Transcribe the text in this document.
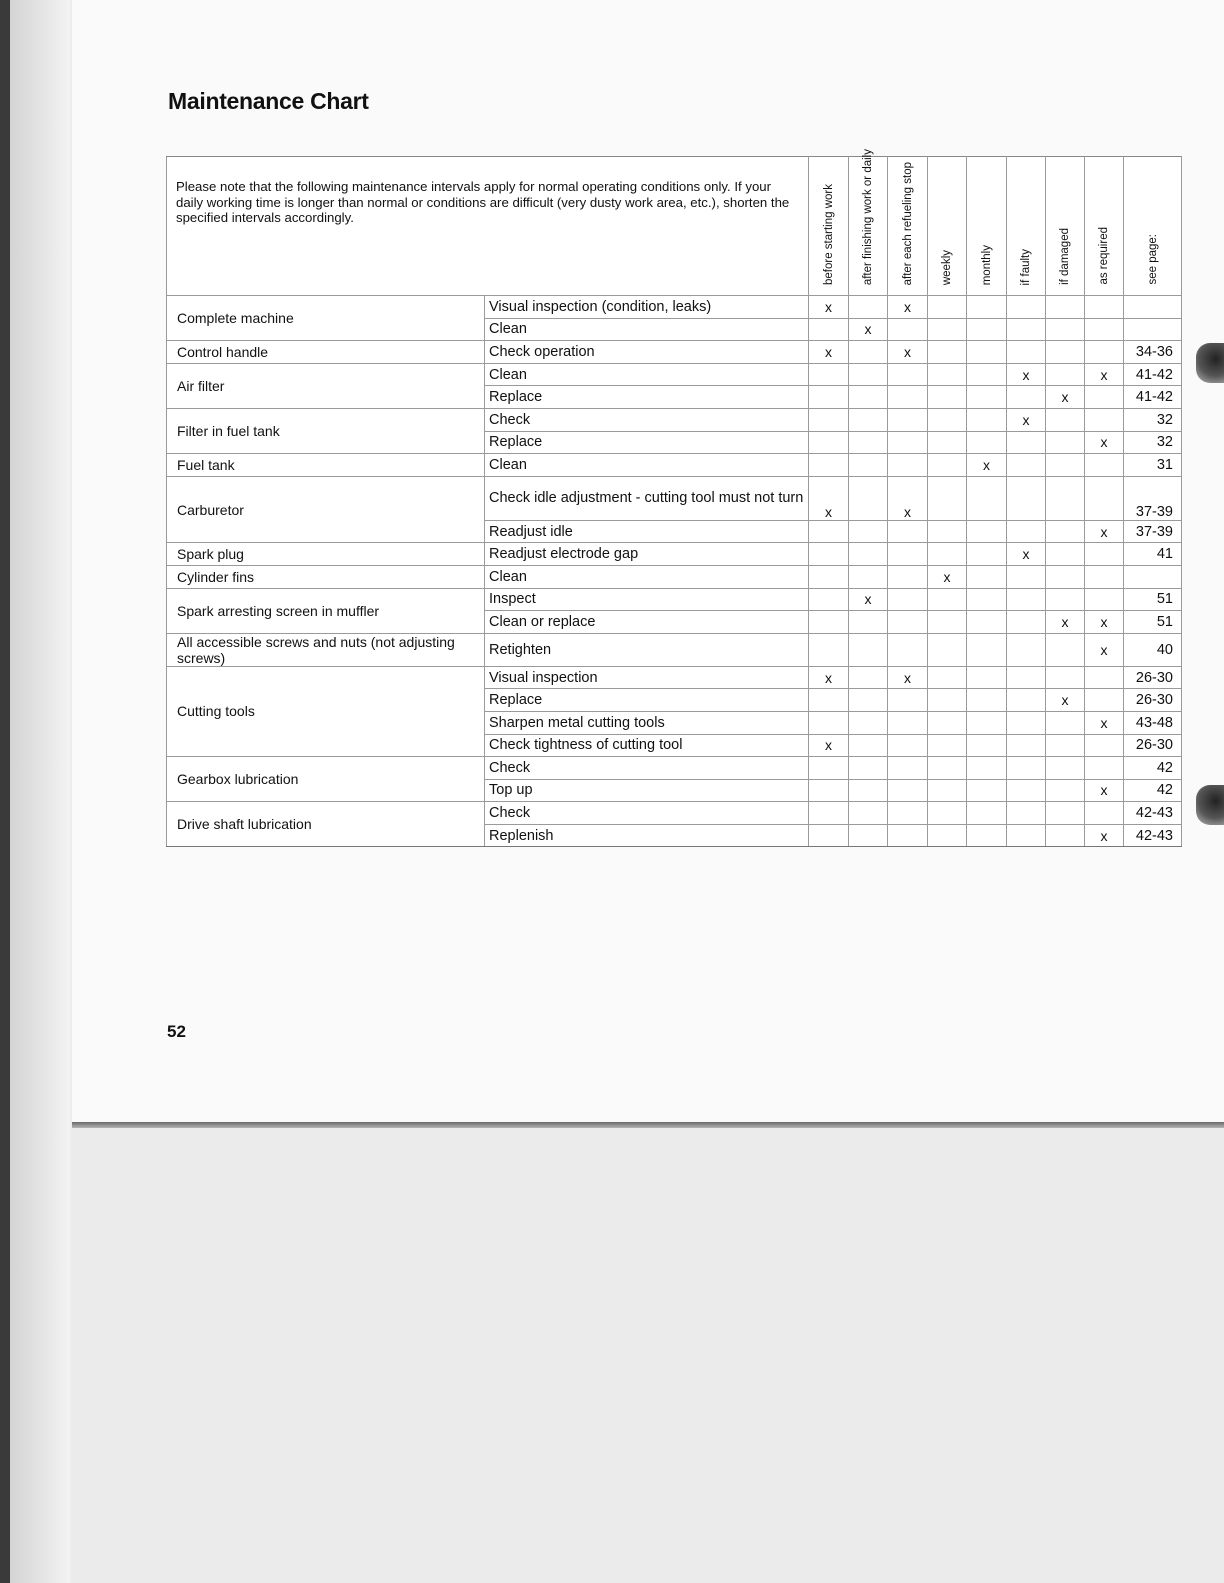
Maintenance Chart
Please note that the following maintenance intervals apply for normal operating conditions only. If your daily working time is longer than normal or conditions are difficult (very dusty work area, etc.), shorten the specified intervals accordingly.		before starting work	after finishing work or daily	after each refueling stop	weekly	monthly	if faulty	if damaged	as required	see page:

Complete machine	Visual inspection (condition, leaks)	x		x						
	Clean		x							
Control handle	Check operation	x		x						34-36
Air filter	Clean						x		x	41-42
	Replace							x		41-42
Filter in fuel tank	Check						x			32
	Replace								x	32
Fuel tank	Clean					x				31
Carburetor	Check idle adjustment - cutting tool must not turn	x		x						37-39
	Readjust idle								x	37-39
Spark plug	Readjust electrode gap						x			41
Cylinder fins	Clean				x					
Spark arresting screen in muffler	Inspect		x							51
	Clean or replace							x	x	51
All accessible screws and nuts (not adjusting screws)	Retighten								x	40
Cutting tools	Visual inspection	x		x						26-30
	Replace							x		26-30
	Sharpen metal cutting tools								x	43-48
	Check tightness of cutting tool	x								26-30
Gearbox lubrication	Check									42
	Top up								x	42
Drive shaft lubrication	Check									42-43
	Replenish								x	42-43
52
